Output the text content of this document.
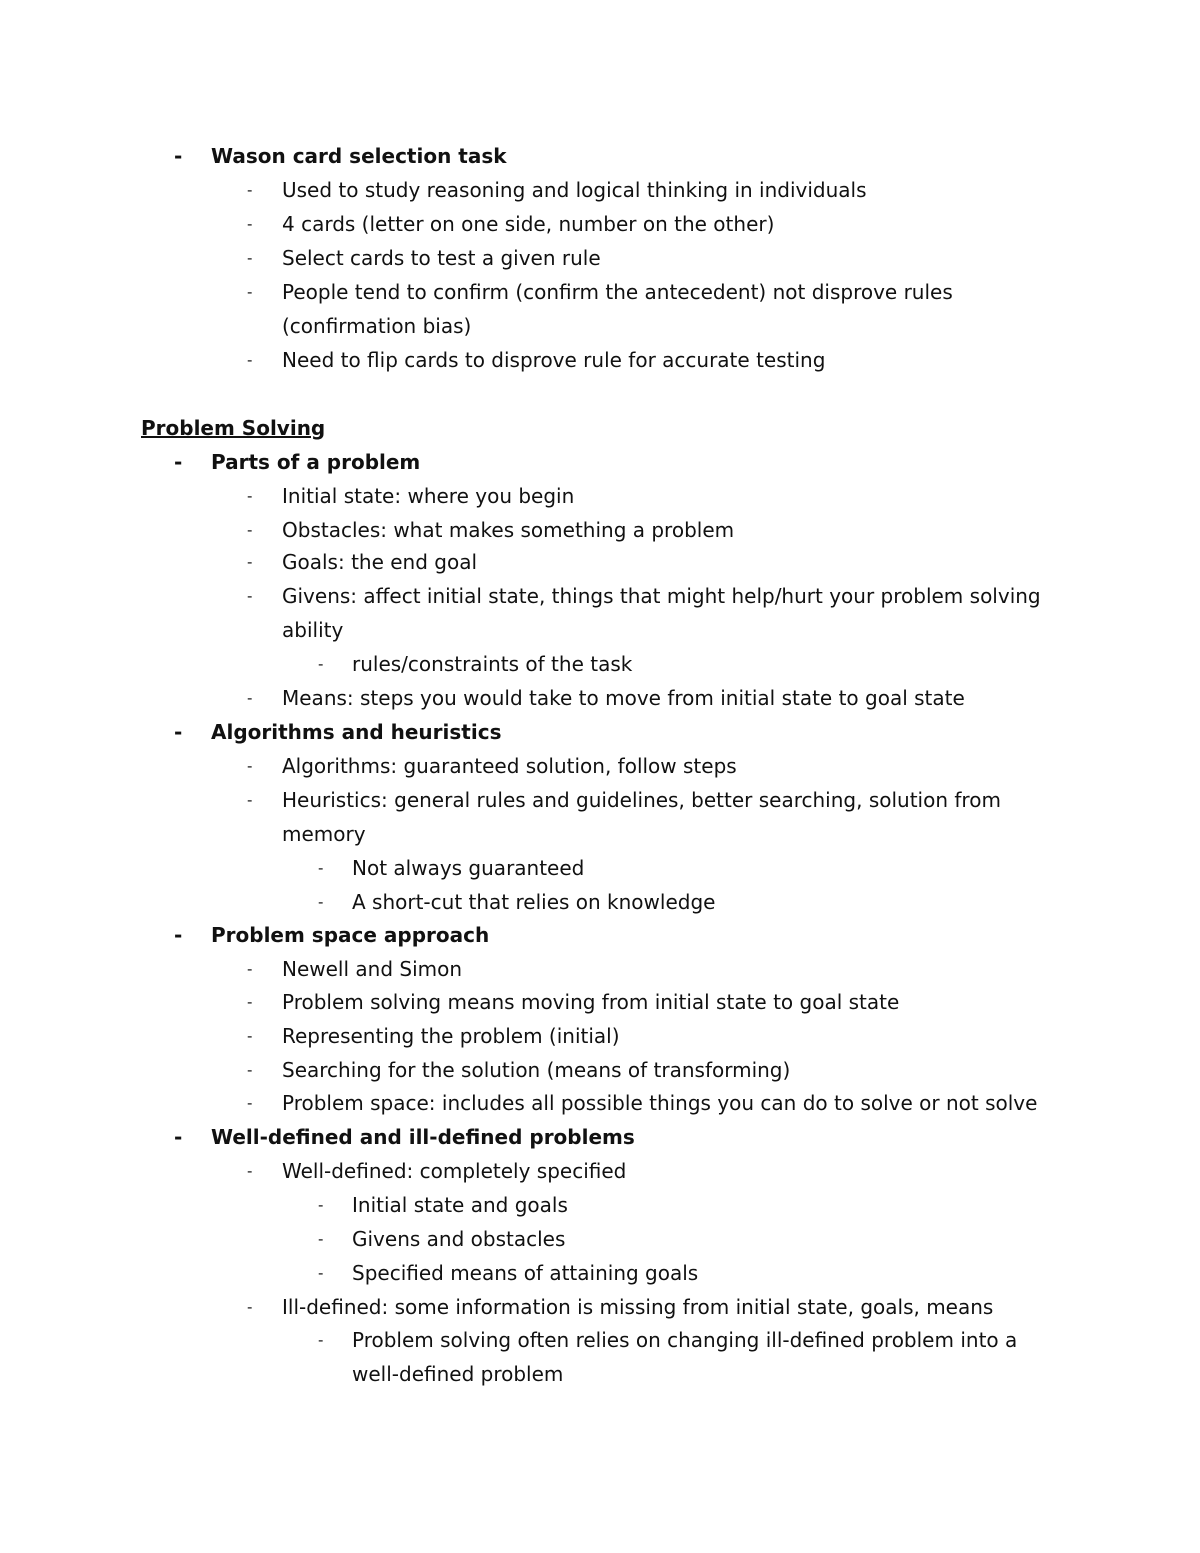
- Wason card selection task
- Used to study reasoning and logical thinking in individuals
- 4 cards (letter on one side, number on the other)
- Select cards to test a given rule
- People tend to confirm (confirm the antecedent) not disprove rules
(confirmation bias)
- Need to flip cards to disprove rule for accurate testing
Problem Solving
- Parts of a problem
- Initial state: where you begin
- Obstacles: what makes something a problem
- Goals: the end goal
- Givens: affect initial state, things that might help/hurt your problem solving
ability
- rules/constraints of the task
- Means: steps you would take to move from initial state to goal state
- Algorithms and heuristics
- Algorithms: guaranteed solution, follow steps
- Heuristics: general rules and guidelines, better searching, solution from
memory
- Not always guaranteed
- A short-cut that relies on knowledge
- Problem space approach
- Newell and Simon
- Problem solving means moving from initial state to goal state
- Representing the problem (initial)
- Searching for the solution (means of transforming)
- Problem space: includes all possible things you can do to solve or not solve
- Well-defined and ill-defined problems
- Well-defined: completely specified
- Initial state and goals
- Givens and obstacles
- Specified means of attaining goals
- Ill-defined: some information is missing from initial state, goals, means
- Problem solving often relies on changing ill-defined problem into a
well-defined problem
